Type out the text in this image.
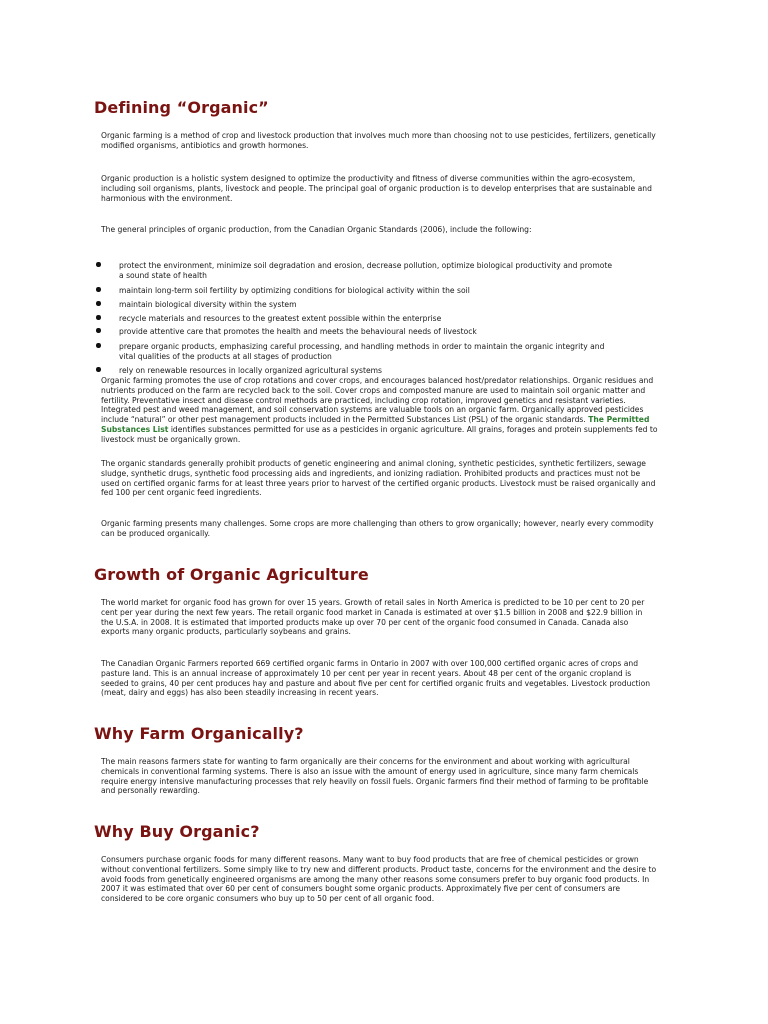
Defining “Organic”

Organic farming is a method of crop and livestock production that involves much more than choosing not to use pesticides, fertilizers, genetically modified organisms, antibiotics and growth hormones.

Organic production is a holistic system designed to optimize the productivity and fitness of diverse communities within the agro-ecosystem, including soil organisms, plants, livestock and people. The principal goal of organic production is to develop enterprises that are sustainable and harmonious with the environment.

The general principles of organic production, from the Canadian Organic Standards (2006), include the following:

protect the environment, minimize soil degradation and erosion, decrease pollution, optimize biological productivity and promote a sound state of health
maintain long-term soil fertility by optimizing conditions for biological activity within the soil
maintain biological diversity within the system
recycle materials and resources to the greatest extent possible within the enterprise
provide attentive care that promotes the health and meets the behavioural needs of livestock
prepare organic products, emphasizing careful processing, and handling methods in order to maintain the organic integrity and vital qualities of the products at all stages of production
rely on renewable resources in locally organized agricultural systems

Organic farming promotes the use of crop rotations and cover crops, and encourages balanced host/predator relationships. Organic residues and nutrients produced on the farm are recycled back to the soil. Cover crops and composted manure are used to maintain soil organic matter and fertility. Preventative insect and disease control methods are practiced, including crop rotation, improved genetics and resistant varieties. Integrated pest and weed management, and soil conservation systems are valuable tools on an organic farm. Organically approved pesticides include “natural” or other pest management products included in the Permitted Substances List (PSL) of the organic standards. The Permitted Substances List identifies substances permitted for use as a pesticides in organic agriculture. All grains, forages and protein supplements fed to livestock must be organically grown.

The organic standards generally prohibit products of genetic engineering and animal cloning, synthetic pesticides, synthetic fertilizers, sewage sludge, synthetic drugs, synthetic food processing aids and ingredients, and ionizing radiation. Prohibited products and practices must not be used on certified organic farms for at least three years prior to harvest of the certified organic products. Livestock must be raised organically and fed 100 per cent organic feed ingredients.

Organic farming presents many challenges. Some crops are more challenging than others to grow organically; however, nearly every commodity can be produced organically.

Growth of Organic Agriculture

The world market for organic food has grown for over 15 years. Growth of retail sales in North America is predicted to be 10 per cent to 20 per cent per year during the next few years. The retail organic food market in Canada is estimated at over $1.5 billion in 2008 and $22.9 billion in the U.S.A. in 2008. It is estimated that imported products make up over 70 per cent of the organic food consumed in Canada. Canada also exports many organic products, particularly soybeans and grains.

The Canadian Organic Farmers reported 669 certified organic farms in Ontario in 2007 with over 100,000 certified organic acres of crops and pasture land. This is an annual increase of approximately 10 per cent per year in recent years. About 48 per cent of the organic cropland is seeded to grains, 40 per cent produces hay and pasture and about five per cent for certified organic fruits and vegetables. Livestock production (meat, dairy and eggs) has also been steadily increasing in recent years.

Why Farm Organically?

The main reasons farmers state for wanting to farm organically are their concerns for the environment and about working with agricultural chemicals in conventional farming systems. There is also an issue with the amount of energy used in agriculture, since many farm chemicals require energy intensive manufacturing processes that rely heavily on fossil fuels. Organic farmers find their method of farming to be profitable and personally rewarding.

Why Buy Organic?

Consumers purchase organic foods for many different reasons. Many want to buy food products that are free of chemical pesticides or grown without conventional fertilizers. Some simply like to try new and different products. Product taste, concerns for the environment and the desire to avoid foods from genetically engineered organisms are among the many other reasons some consumers prefer to buy organic food products. In 2007 it was estimated that over 60 per cent of consumers bought some organic products. Approximately five per cent of consumers are considered to be core organic consumers who buy up to 50 per cent of all organic food.
